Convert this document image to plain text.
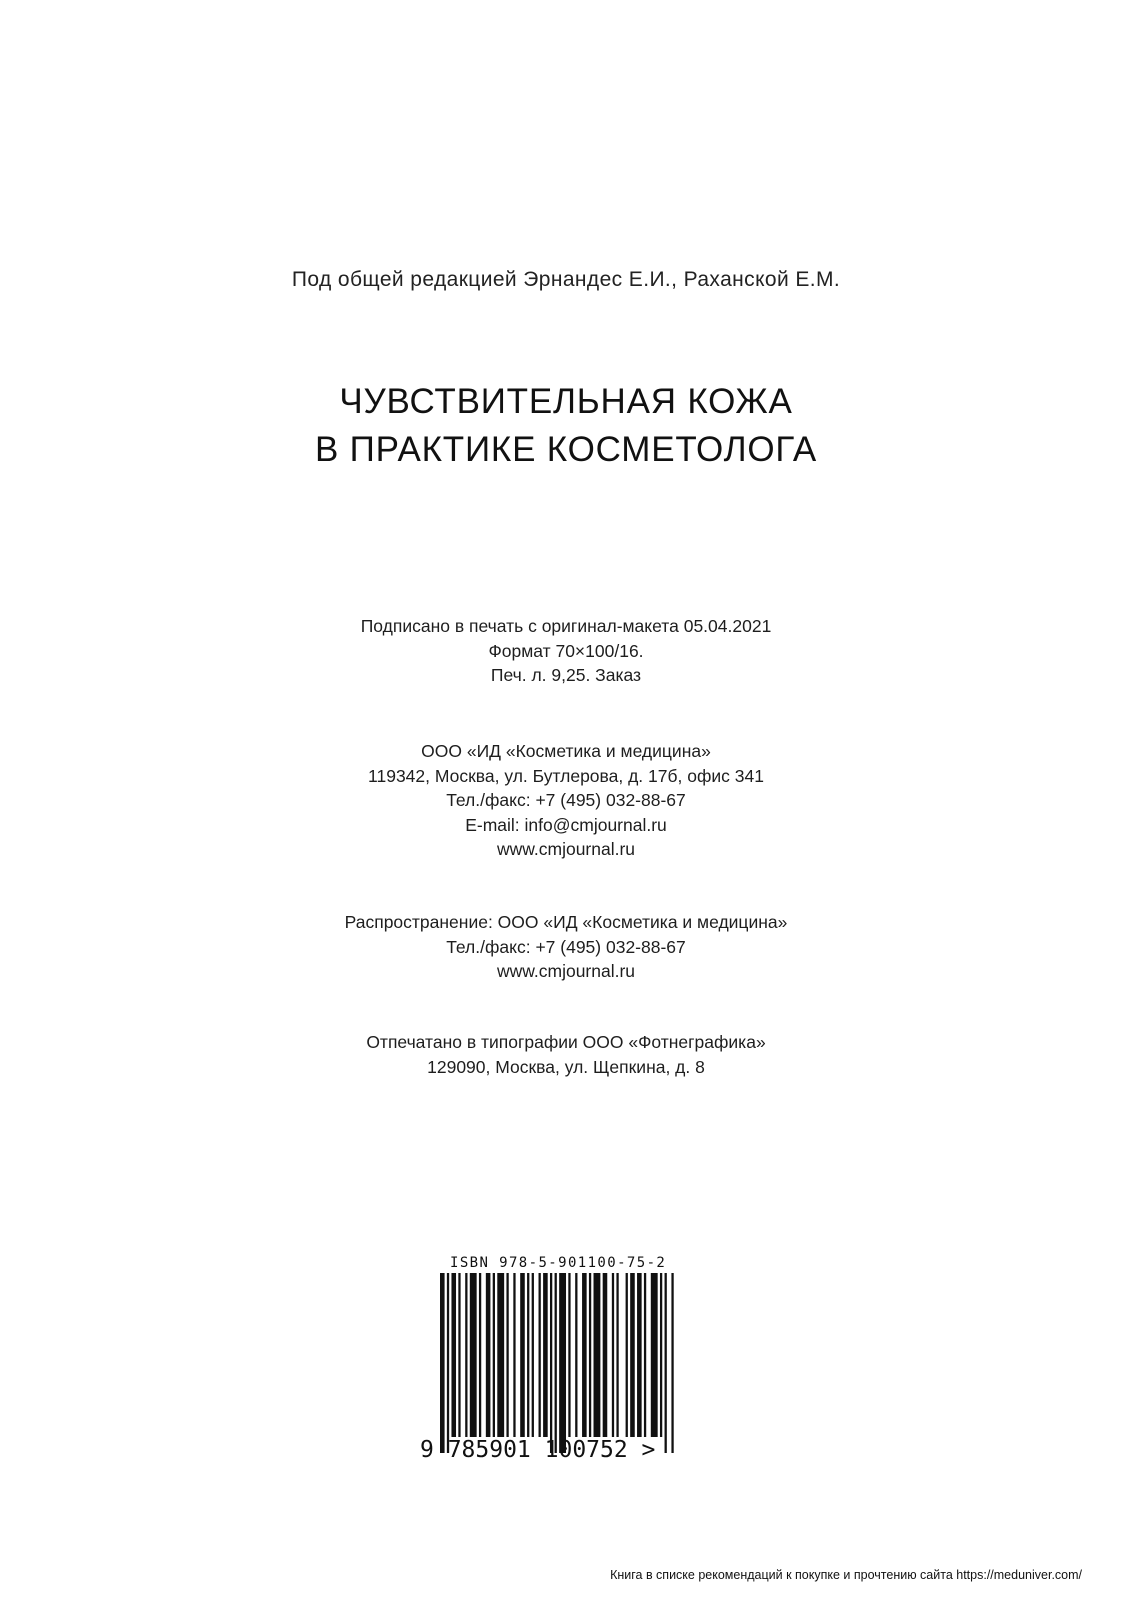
Под общей редакцией Эрнандес Е.И., Раханской Е.М.
ЧУВСТВИТЕЛЬНАЯ КОЖА
В ПРАКТИКЕ КОСМЕТОЛОГА
Подписано в печать с оригинал-макета 05.04.2021
Формат 70×100/16.
Печ. л. 9,25. Заказ
ООО «ИД «Косметика и медицина»
119342, Москва, ул. Бутлерова, д. 17б, офис 341
Тел./факс: +7 (495) 032-88-67
E-mail: info@cmjournal.ru
www.cmjournal.ru
Распространение: ООО «ИД «Косметика и медицина»
Тел./факс: +7 (495) 032-88-67
www.cmjournal.ru
Отпечатано в типографии ООО «Фотнеграфика»
129090, Москва, ул. Щепкина, д. 8
ISBN 978-5-901100-75-2
9 785901 100752 >
Книга в списке рекомендаций к покупке и прочтению сайта https://meduniver.com/
